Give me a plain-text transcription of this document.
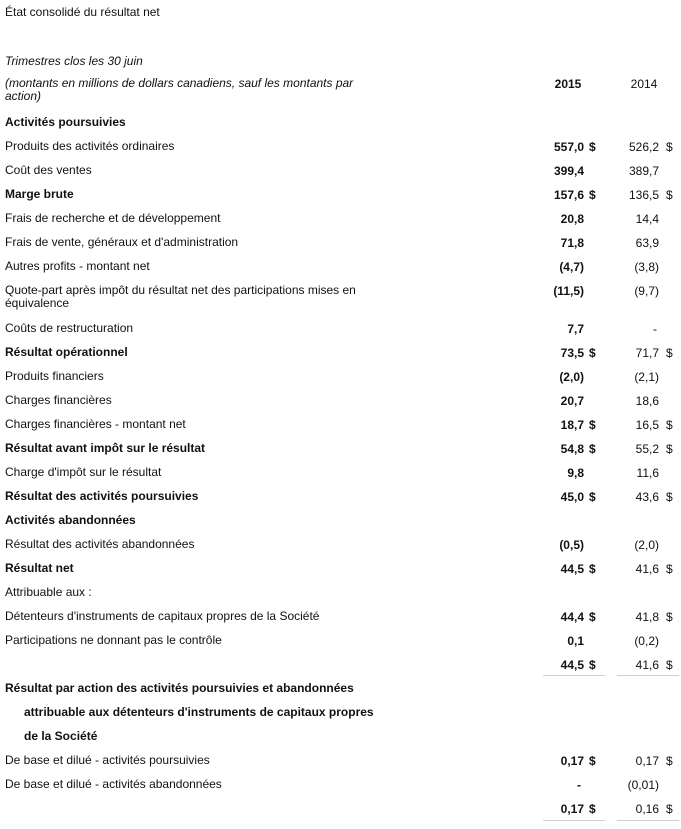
État consolidé du résultat net
Trimestres clos les 30 juin
(montants en millions de dollars canadiens, sauf les montants par action)
2015	2014
Activités poursuivies
Produits des activités ordinaires	557,0 $	526,2 $
Coût des ventes	399,4	389,7
Marge brute	157,6 $	136,5 $
Frais de recherche et de développement	20,8	14,4
Frais de vente, généraux et d'administration	71,8	63,9
Autres profits - montant net	(4,7)	(3,8)
Quote-part après impôt du résultat net des participations mises en équivalence
(11,5)	(9,7)
Coûts de restructuration	7,7	-
Résultat opérationnel	73,5 $	71,7 $
Produits financiers	(2,0)	(2,1)
Charges financières	20,7	18,6
Charges financières - montant net	18,7 $	16,5 $
Résultat avant impôt sur le résultat	54,8 $	55,2 $
Charge d'impôt sur le résultat	9,8	11,6
Résultat des activités poursuivies	45,0 $	43,6 $
Activités abandonnées
Résultat des activités abandonnées	(0,5)	(2,0)
Résultat net	44,5 $	41,6 $
Attribuable aux :
Détenteurs d'instruments de capitaux propres de la Société	44,4 $	41,8 $
Participations ne donnant pas le contrôle	0,1	(0,2)
44,5 $	41,6 $
Résultat par action des activités poursuivies et abandonnées
attribuable aux détenteurs d'instruments de capitaux propres
de la Société
De base et dilué - activités poursuivies	0,17 $	0,17 $
De base et dilué - activités abandonnées	-	(0,01)
0,17 $	0,16 $
